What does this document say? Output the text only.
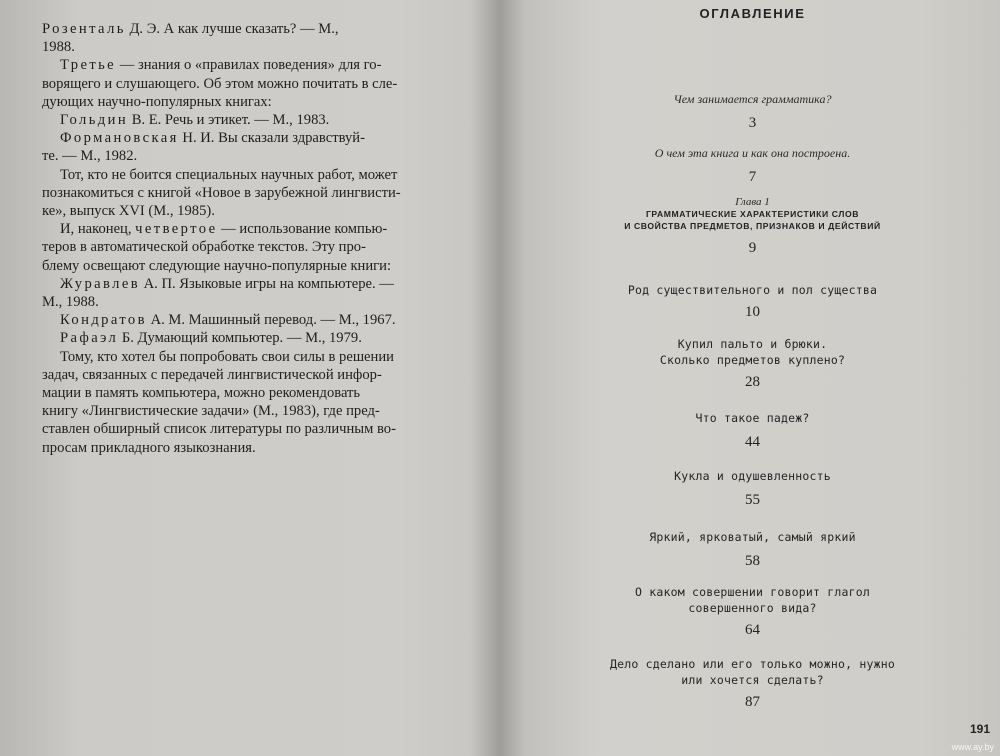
Розенталь Д. Э. А как лучше сказать? — М.,

1988.

Третье — знания о «правилах поведения» для го-

ворящего и слушающего. Об этом можно почитать в сле-

дующих научно-популярных книгах:

Гольдин В. Е. Речь и этикет. — М., 1983.

Формановская Н. И. Вы сказали здравствуй-

те. — М., 1982.

Тот, кто не боится специальных научных работ, может

познакомиться с книгой «Новое в зарубежной лингвисти-

ке», выпуск XVI (М., 1985).

И, наконец, четвертое — использование компью-

теров в автоматической обработке текстов. Эту про-

блему освещают следующие научно-популярные книги:

Журавлев А. П. Языковые игры на компьютере. —

М., 1988.

Кондратов А. М. Машинный перевод. — М., 1967.

Рафаэл Б. Думающий компьютер. — М., 1979.

Тому, кто хотел бы попробовать свои силы в решении

задач, связанных с передачей лингвистической инфор-

мации в память компьютера, можно рекомендовать

книгу «Лингвистические задачи» (М., 1983), где пред-

ставлен обширный список литературы по различным во-

просам прикладного языкознания.

ОГЛАВЛЕНИЕ
Чем занимается грамматика?
3
О чем эта книга и как она построена.
7
Глава 1
ГРАММАТИЧЕСКИЕ ХАРАКТЕРИСТИКИ СЛОВ
И СВОЙСТВА ПРЕДМЕТОВ, ПРИЗНАКОВ И ДЕЙСТВИЙ
9
Род существительного и пол существа
10
Купил пальто и брюки.
Сколько предметов куплено?
28
Что такое падеж?
44
Кукла и одушевленность
55
Яркий, ярковатый, самый яркий
58
О каком совершении говорит глагол
совершенного вида?
64
Дело сделано или его только можно, нужно
или хочется сделать?
87
191
www.ay.by
